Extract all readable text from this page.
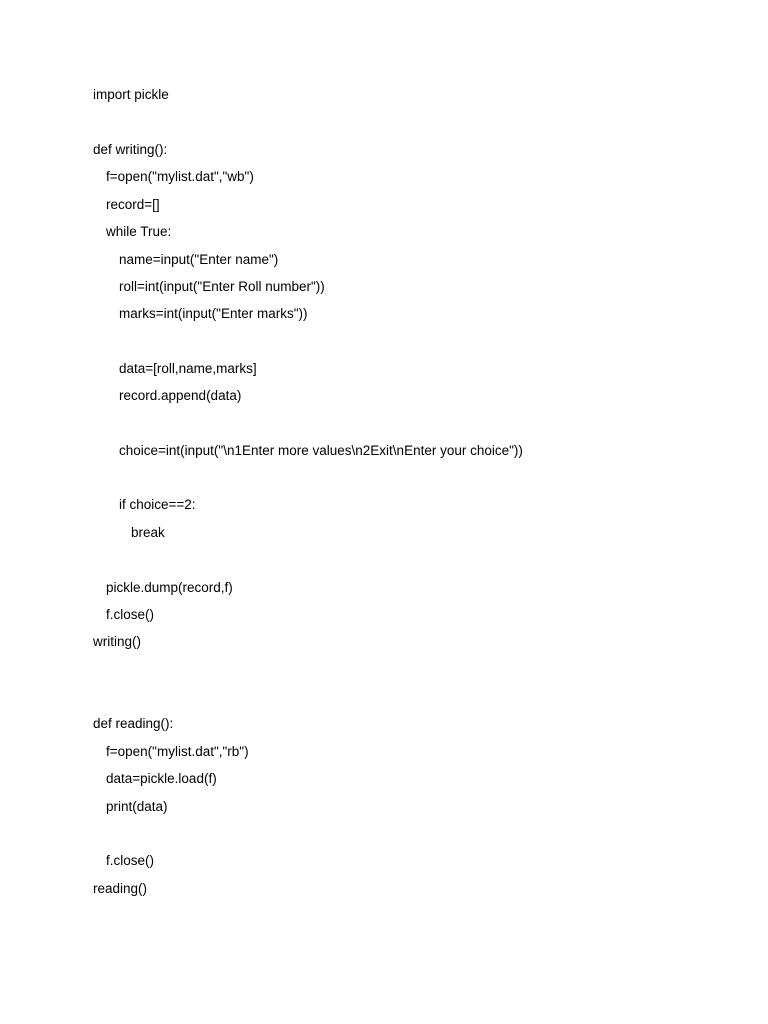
import pickle
def writing():
f=open("mylist.dat","wb")
record=[]
while True:
name=input("Enter name")
roll=int(input("Enter Roll number"))
marks=int(input("Enter marks"))
data=[roll,name,marks]
record.append(data)
choice=int(input("\n1Enter more values\n2Exit\nEnter your choice"))
if choice==2:
break
pickle.dump(record,f)
f.close()
writing()
def reading():
f=open("mylist.dat","rb")
data=pickle.load(f)
print(data)
f.close()
reading()
